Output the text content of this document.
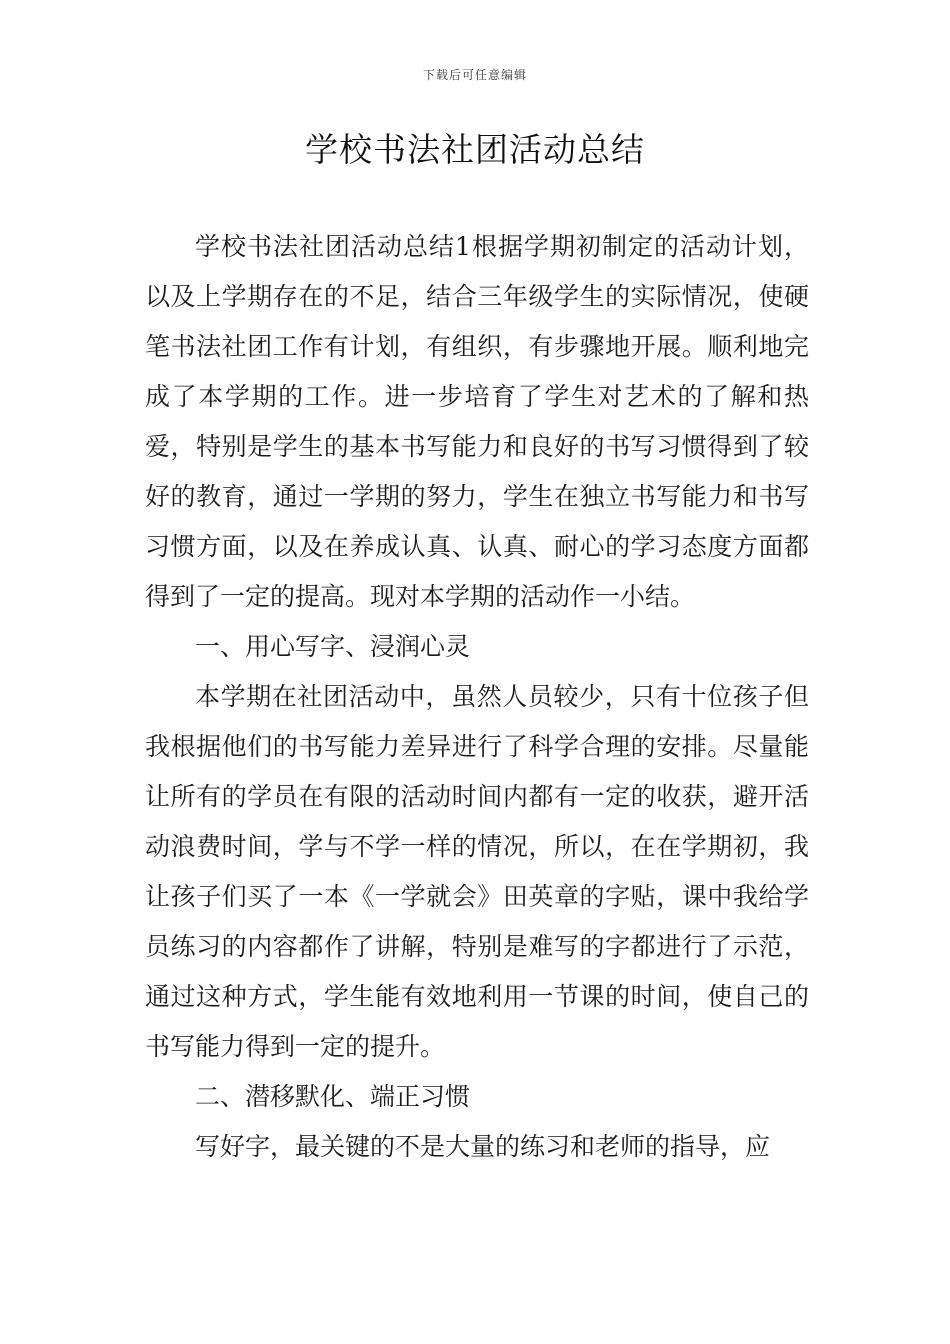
下载后可任意编辑
学校书法社团活动总结

学校书法社团活动总结1根据学期初制定的活动计划，以及上学期存在的不足，结合三年级学生的实际情况，使硬笔书法社团工作有计划，有组织，有步骤地开展。顺利地完成了本学期的工作。进一步培育了学生对艺术的了解和热爱，特别是学生的基本书写能力和良好的书写习惯得到了较好的教育，通过一学期的努力，学生在独立书写能力和书写习惯方面，以及在养成认真、认真、耐心的学习态度方面都得到了一定的提高。现对本学期的活动作一小结。

一、用心写字、浸润心灵

本学期在社团活动中，虽然人员较少，只有十位孩子但我根据他们的书写能力差异进行了科学合理的安排。尽量能让所有的学员在有限的活动时间内都有一定的收获，避开活动浪费时间，学与不学一样的情况，所以，在在学期初，我让孩子们买了一本《一学就会》田英章的字贴，课中我给学员练习的内容都作了讲解，特别是难写的字都进行了示范，通过这种方式，学生能有效地利用一节课的时间，使自己的书写能力得到一定的提升。

二、潜移默化、端正习惯

写好字，最关键的不是大量的练习和老师的指导，应
